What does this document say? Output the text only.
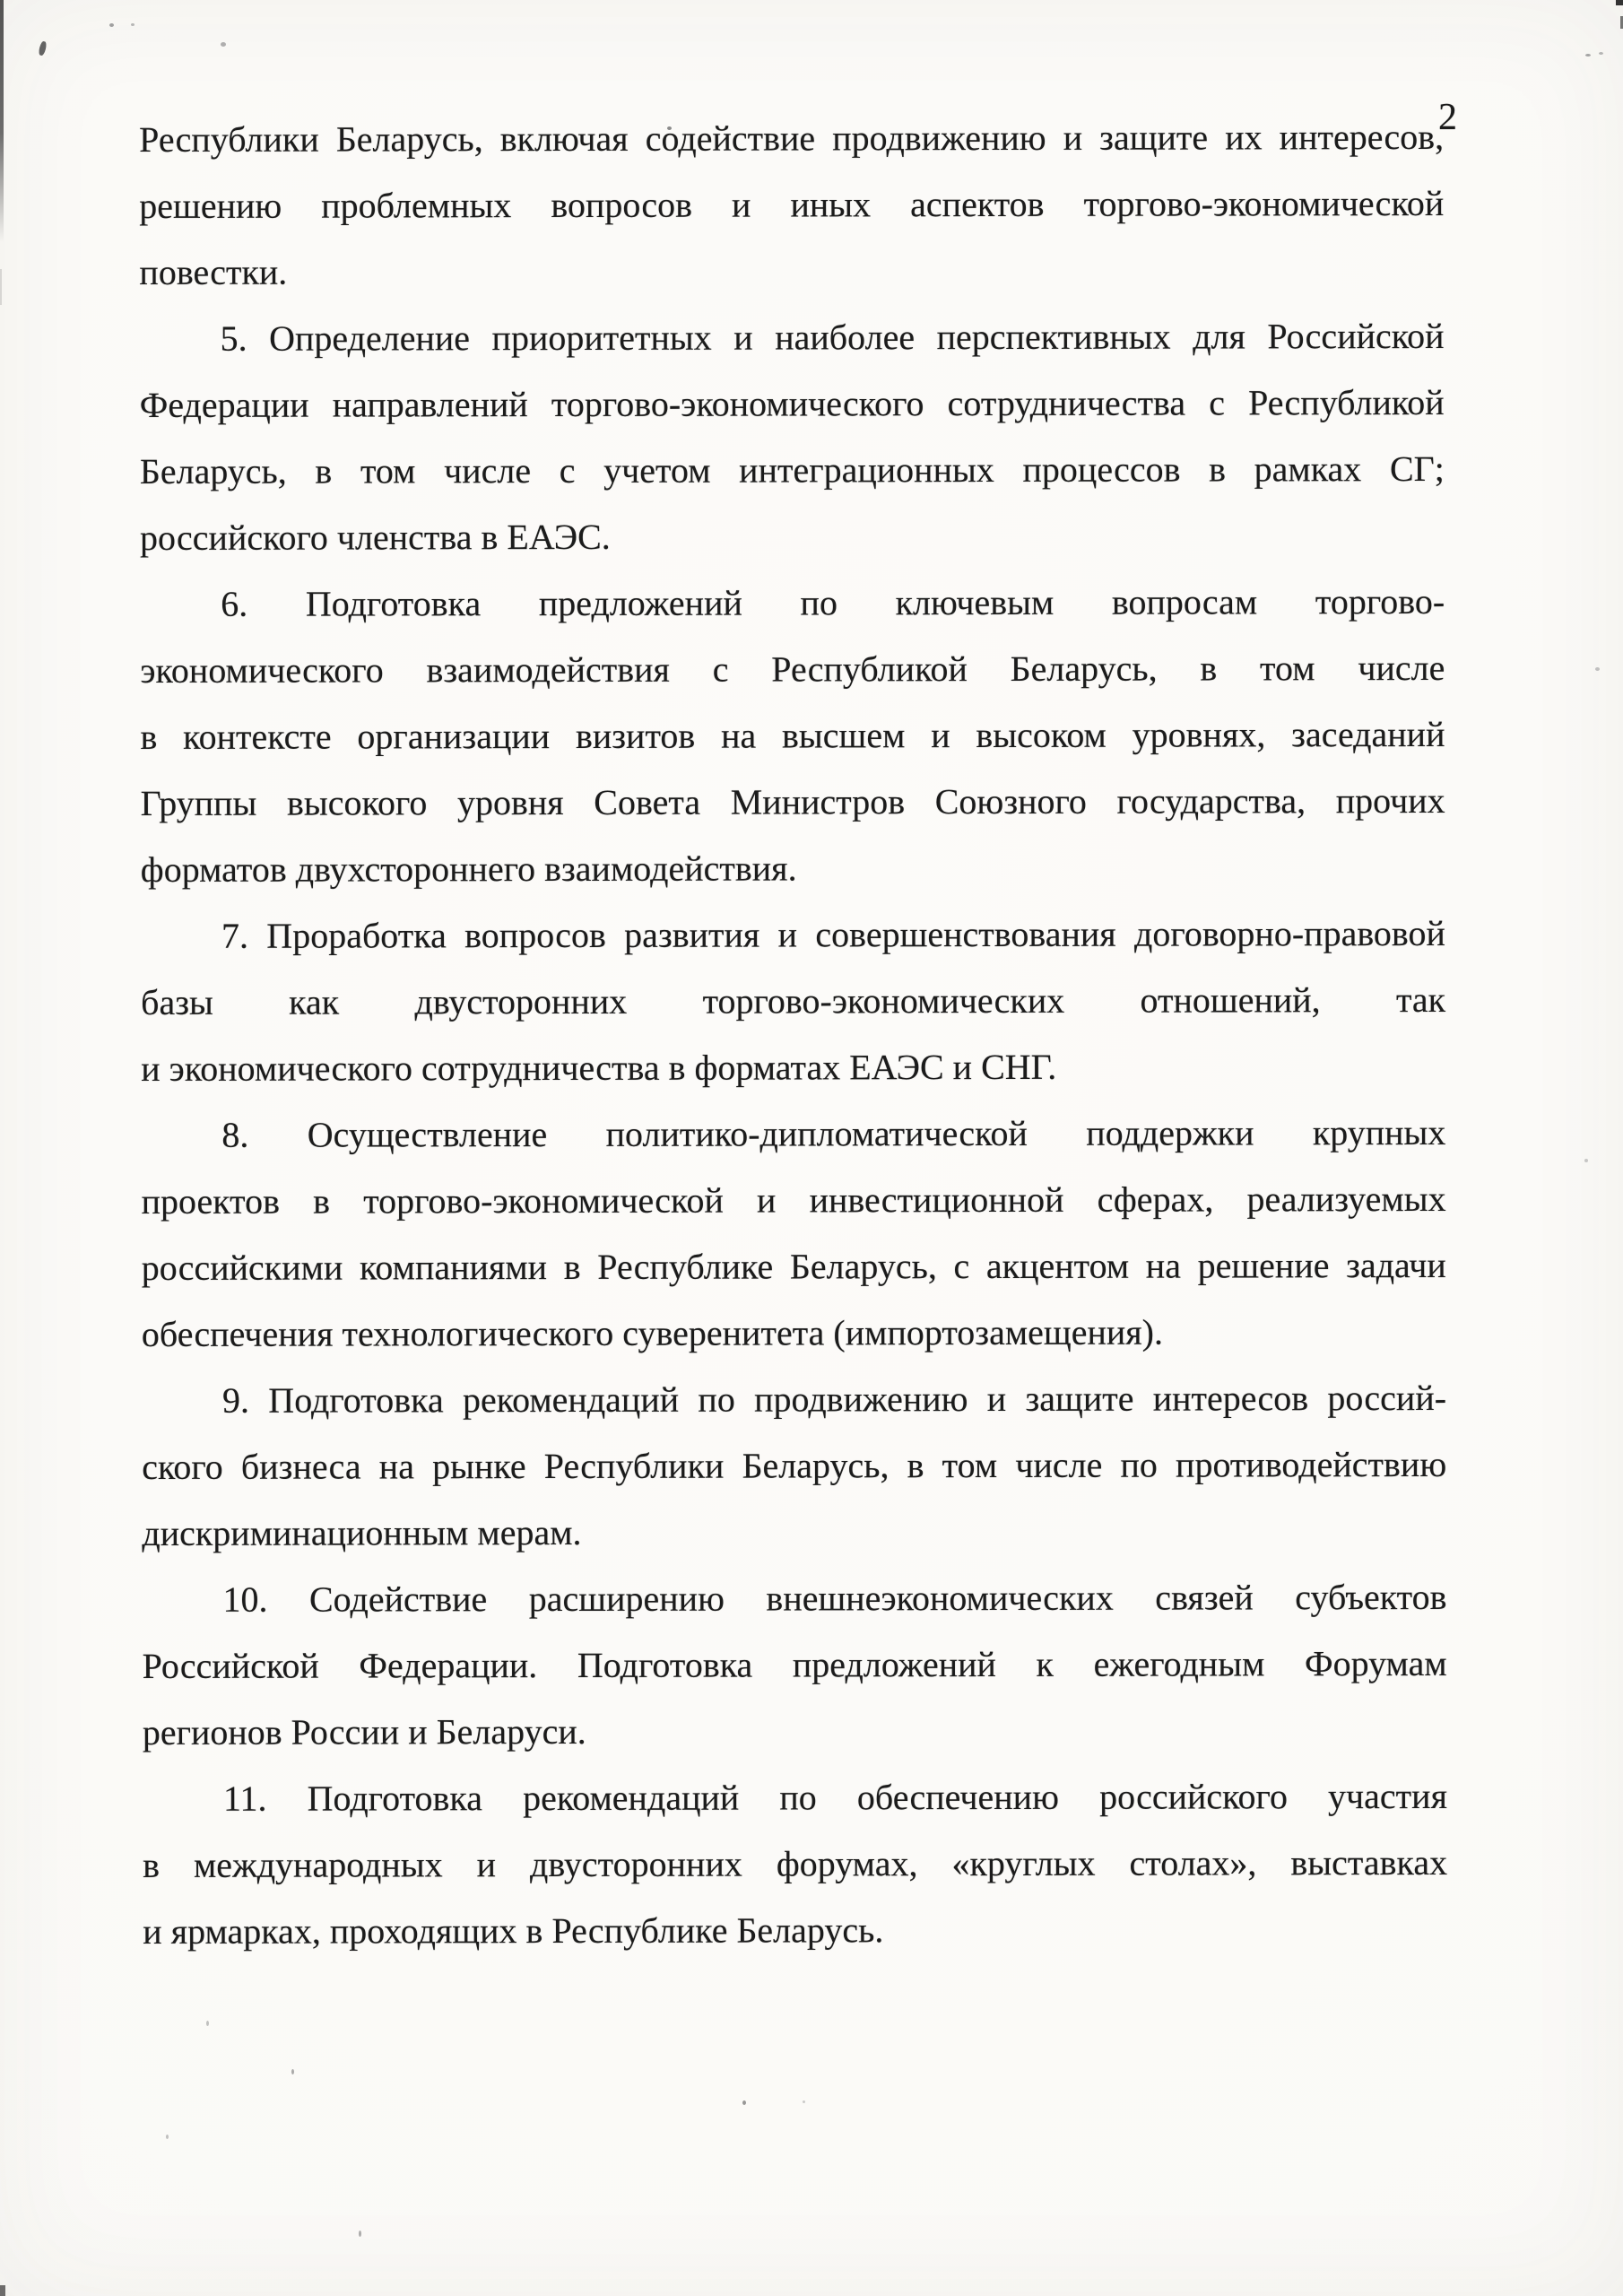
2
Республики Беларусь, включая содействие продвижению и защите их интересов,
решению проблемных вопросов и иных аспектов торгово-экономической
повестки.
5. Определение приоритетных и наиболее перспективных для Российской
Федерации направлений торгово-экономического сотрудничества с Республикой
Беларусь, в том числе с учетом интеграционных процессов в рамках СГ;
российского членства в ЕАЭС.
6. Подготовка предложений по ключевым вопросам торгово-
экономического взаимодействия с Республикой Беларусь, в том числе
в контексте организации визитов на высшем и высоком уровнях, заседаний
Группы высокого уровня Совета Министров Союзного государства, прочих
форматов двухстороннего взаимодействия.
7. Проработка вопросов развития и совершенствования договорно-правовой
базы как двусторонних торгово-экономических отношений, так
и экономического сотрудничества в форматах ЕАЭС и СНГ.
8. Осуществление политико-дипломатической поддержки крупных
проектов в торгово-экономической и инвестиционной сферах, реализуемых
российскими компаниями в Республике Беларусь, с акцентом на решение задачи
обеспечения технологического суверенитета (импортозамещения).
9. Подготовка рекомендаций по продвижению и защите интересов россий-
ского бизнеса на рынке Республики Беларусь, в том числе по противодействию
дискриминационным мерам.
10. Содействие расширению внешнеэкономических связей субъектов
Российской Федерации. Подготовка предложений к ежегодным Форумам
регионов России и Беларуси.
11. Подготовка рекомендаций по обеспечению российского участия
в международных и двусторонних форумах, «круглых столах», выставках
и ярмарках, проходящих в Республике Беларусь.
